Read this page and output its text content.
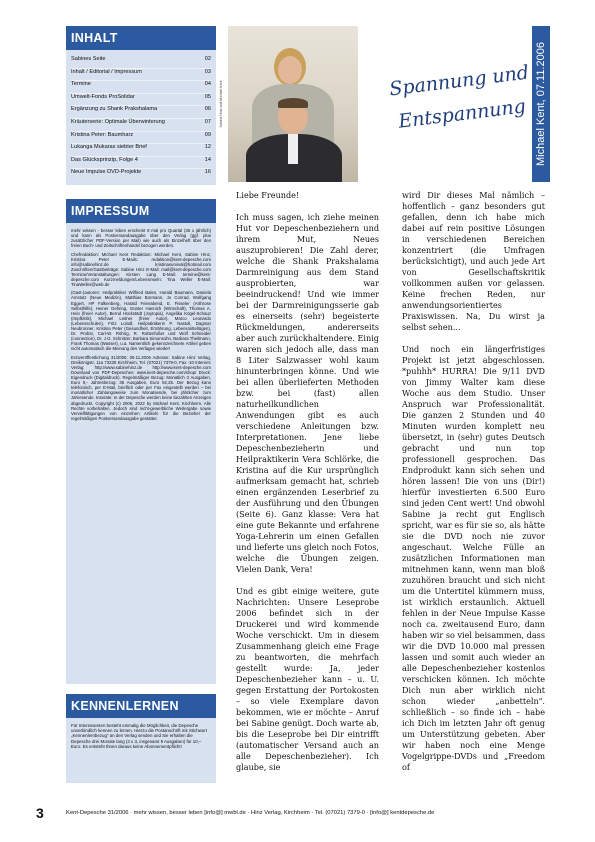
INHALT
Sabines Seite	02
Inhalt / Editorial / Impressum	03
Termine	04
Umwelt-Fonds ProSolidar	05
Ergänzung zu Shank Prakshalama	06
Kräuterserie: Optimale Überwinterung	07
Kristina Peter: Baumharz	09
Lukanga Mukaras siebter Brief	12
Das Glücksprinzip, Folge 4	14
Neue Impulse DVD-Projekte	16
IMPRESSUM

mehr wissen - besser leben erscheint 9 mal pro Quartal (36 x jährlich) und kann als Postversandausgabe über den Verlag (ggf. plus zusätzlicher PDF-Version per Mail) wie auch als Einzelheft über den freien Buch- und Zeitschriftenhandel bezogen werden.

Chefredaktion: Michael Kent Redaktion: Michael Kent, Sabine Hinz, Kristina Peter E-Mails: redaktion@kent-depesche.com info@sabinehinz.de kristinasurvival@hotmail.com Zuschriften/Gastbeiträge: Sabine Hinz E-Mail: mail@kent-depesche.com Termine/Veranstaltungen: Kirsten Lang E-Mail: termine@kent-depesche.com Kurzmeldungen/Lebensinseln: Tina Weller E-Mail: TinaWeller@web.de

(Gast-)autoren: Heilpraktiker Wilfried Bales, Harald Baumann, Daniela Amstutz (Neue Medizin), Matthias Bormann, Jo Conrad, Wolfgang Eggert, HP Falkenberg, Harald Feierabend, E. Fisseler (Arthrose Selbsthilfe), Heiner Gehring, Günter Hannich (Wirtschaft), Thomas A. Hein (freier Autor), Bernd Hückstädt (Joytopia), Angelika Kögel-Schauz (Impfkritik), Michael Leitner (freier Autor), Marco Leonardo (Lebensschulen), Fritz Loindl, Heilpraktikerin P. Nastoll, Dagmar Neubronner, Kristina Peter (Gesundheit, Ernährung, Lebensmittellügen), Dr. Probst, Carl-W. Röhrig, R. Rottenfußer und Wolf Schneider (connection), Dr. J.G. Schnitzer, Barbara Simonsohn, Barbara Theilmann, Frank Thomas (Wasser), u.a. Namentlich gekennzeichnete Artikel geben nicht automatisch die Meinung des Verlages wieder!

Erstveröffentlichung 31/2006: 09.11.2006 Adresse: Sabine Hinz Verlag, Dreikönigstr. 11a 73230 Kirchheim, Tel. (07021) 7379-0, Fax -10 Internet: Verlag: http://www.sabinehinz.de http://www.kent-depesche.com Download von PDF-Depeschen: www.kent-depesche.com/shop/ Druck: Eigendruck (Digitaldruck). Regelmäßiger Bezug: Monatlich 3 Ausgaben, Euro 9,- Jahresbezug: 36 Ausgaben, Euro 92,25. Der Bezug kann telefonisch, per E-Mail, brieflich oder per Fax eingestellt werden – bei monatlicher Zahlungsweise zum Monatsende, bei jährlicher zum Jahresende. Inserate: In der Depesche werden keine bezahlten Anzeigen abgedruckt. Copyright (c) 2006, 2022 by Michael Kent, Kirchheim. Alle Rechte vorbehalten. Jedoch sind nicht-gewerbliche Weitergabe sowie Vervielfältigungen von einzelnen Artikeln für die Bezieher der regelmäßigen Postversandausgabe gestattet.

KENNENLERNEN
Für Interessenten besteht einmalig die Möglichkeit, die Depesche unverbindlich kennen zu lernen. Hierzu die Postanschrift mit Stichwort „Kennenlernbezug" an den Verlag senden und Sie erhalten die Depesche drei Monate lang (3 x 3, insgesamt 9 Ausgaben) für 10,– Euro. Es entsteht Ihnen daraus keine Abonnementpflicht!
Sabine Hinz und Michael Kent	Spannung und
Entspannung Michael Kent, 07.11.2006

Liebe Freunde!

Ich muss sagen, ich ziehe meinen Hut vor Depeschenbeziehern und ihrem Mut, Neues auszuprobieren! Die Zahl derer, welche die Shank Prakshalama Darmreinigung aus dem Stand ausprobierten, war beeindruckend! Und wie immer bei der Darmreinigungsserie gab es einerseits (sehr) begeisterte Rückmeldungen, andererseits aber auch zurückhaltendere. Einig waren sich jedoch alle, dass man 8 Liter Salzwasser wohl kaum hinunterbringen könne. Und wie bei allen überlieferten Methoden bzw. bei (fast) allen naturheilkundlichen Anwendungen gibt es auch verschiedene Anleitungen bzw. Interpretationen. Jene liebe Depeschenbezieherin und Heilpraktikerin Vera Schlörke, die Kristina auf die Kur ursprünglich aufmerksam gemacht hat, schrieb einen ergänzenden Leserbrief zu der Ausführung und den Übungen (Seite 6). Ganz klasse: Vera hat eine gute Bekannte und erfahrene Yoga-Lehrerin um einen Gefallen und lieferte uns gleich noch Fotos, welche die Übungen zeigen. Vielen Dank, Vera!

Und es gibt einige weitere, gute Nachrichten: Unsere Leseprobe 2006 befindet sich in der Druckerei und wird kommende Woche verschickt. Um in diesem Zusammenhang gleich eine Frage zu beantworten, die mehrfach gestellt wurde: Ja, jeder Depeschenbezieher kann – u. U. gegen Erstattung der Portokosten – so viele Exemplare davon bekommen, wie er möchte – Anruf bei Sabine genügt. Doch warte ab, bis die Leseprobe bei Dir eintrifft (automatischer Versand auch an alle Depeschenbezieher). Ich glaube, sie

wird Dir dieses Mal nämlich – hoffentlich – ganz besonders gut gefallen, denn ich habe mich dabei auf rein positive Lösungen in verschiedenen Bereichen konzentriert (die Umfragen berücksichtigt), und auch jede Art von Gesellschaftskritik vollkommen außen vor gelassen. Keine frechen Reden, nur anwendungsorientiertes Praxiswissen. Na, Du wirst ja selbst sehen...

Und noch ein längerfristiges Projekt ist jetzt abgeschlossen. *puhhh* HURRA! Die 9/11 DVD von Jimmy Walter kam diese Woche aus dem Studio. Unser Anspruch war Professionalität. Die ganzen 2 Stunden und 40 Minuten wurden komplett neu übersetzt, in (sehr) gutes Deutsch gebracht und nun top professionell gesprochen. Das Endprodukt kann sich sehen und hören lassen! Die von uns (Dir!) hierfür investierten 6.500 Euro sind jeden Cent wert! Und obwohl Sabine ja recht gut Englisch spricht, war es für sie so, als hätte sie die DVD noch nie zuvor angeschaut. Welche Fülle an zusätzlichen Informationen man mitnehmen kann, wenn man bloß zuzuhören braucht und sich nicht um die Untertitel kümmern muss, ist wirklich erstaunlich. Aktuell fehlen in der Neue Impulse Kasse noch ca. zweitausend Euro, dann haben wir so viel beisammen, dass wir die DVD 10.000 mal pressen lassen und somit auch wieder an alle Depeschenbezieher kostenlos verschicken können. Ich möchte Dich nun aber wirklich nicht schon wieder „anbetteln". schließlich – so finde ich – habe ich Dich im letzten Jahr oft genug um Unterstützung gebeten. Aber wir haben noch eine Menge Vogelgrippe-DVDs und „Freedom of

3	Kent-Depesche 31/2006 · mehr wissen, besser leben [info@] mwbl.de · Hinz Verlag, Kirchheim · Tel. (07021) 7379-0 · [info@] kentdepesche.de
